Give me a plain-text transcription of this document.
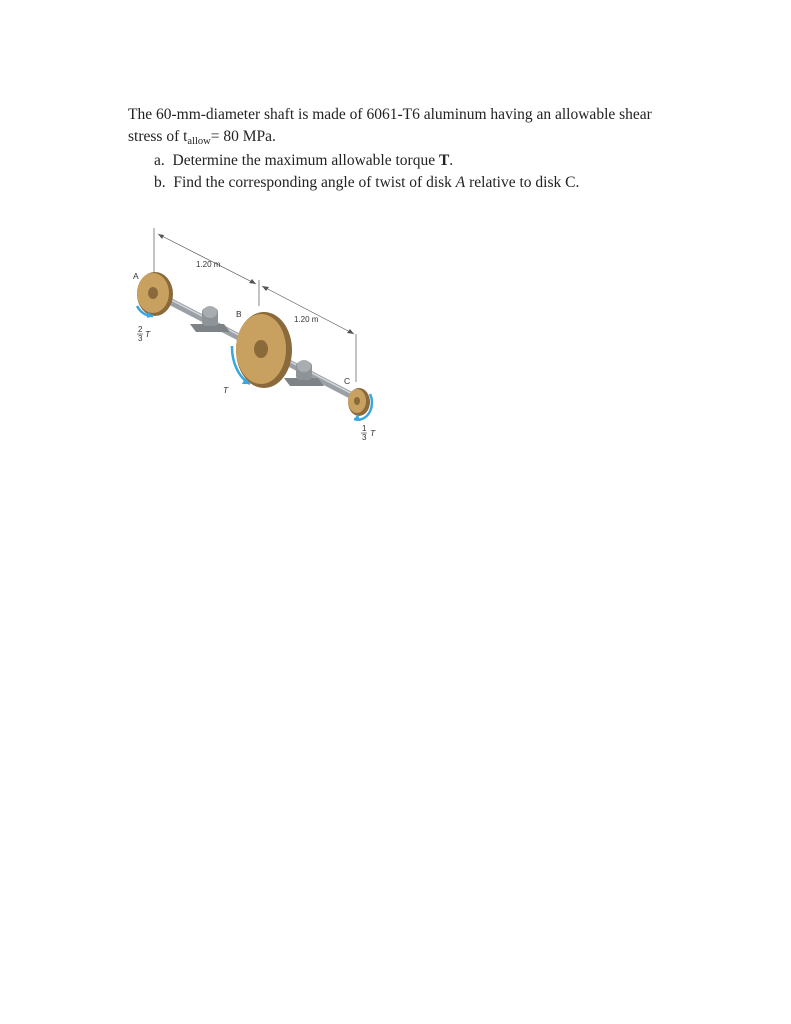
The 60-mm-diameter shaft is made of 6061-T6 aluminum having an allowable shear

stress of tallow= 80 MPa.

a. Determine the maximum allowable torque T.

b. Find the corresponding angle of twist of disk A relative to disk C.

1.20 m
1.20 m
A
B
C
2
3 T
T
1
3 T
